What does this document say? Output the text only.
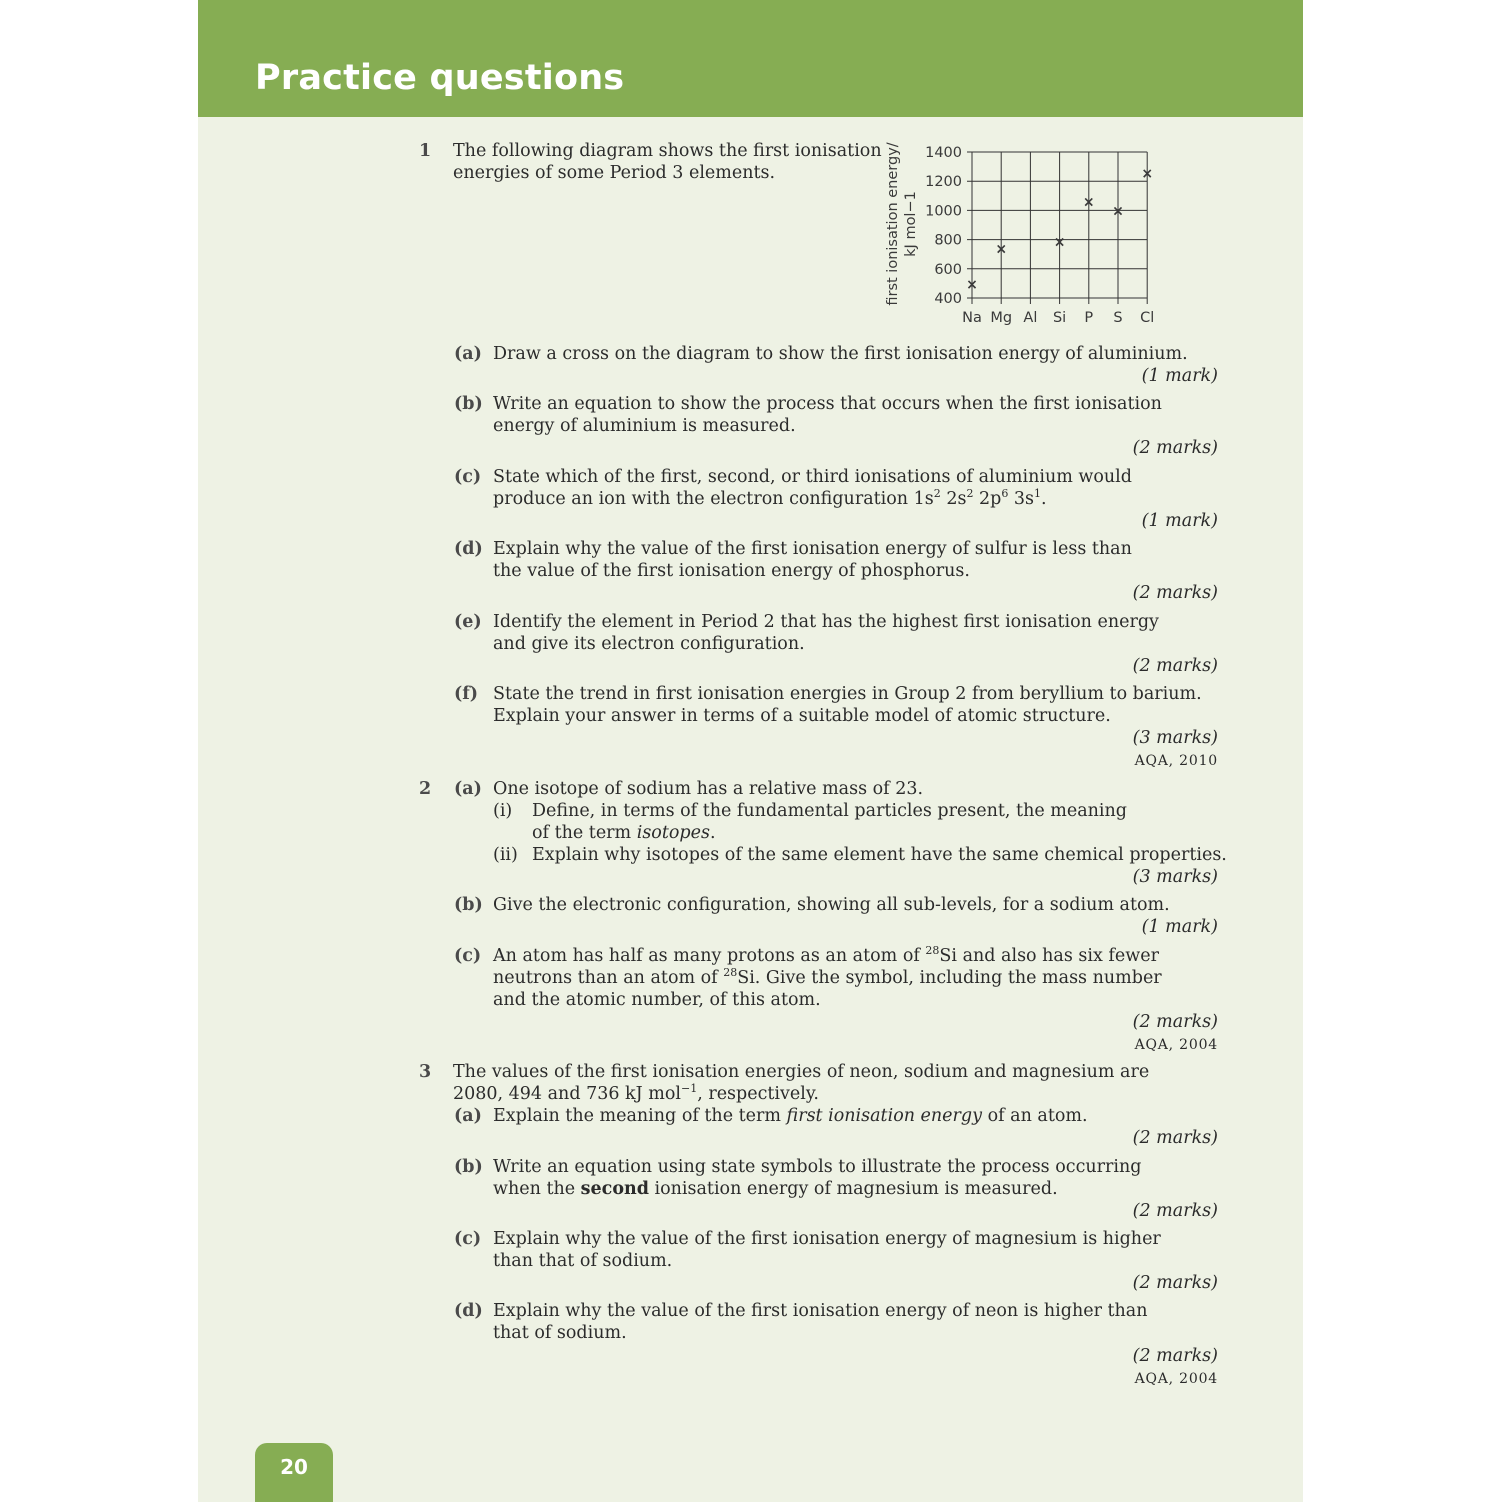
Practice questions
1 The following diagram shows the first ionisation
energies of some Period 3 elements.
(a) Draw a cross on the diagram to show the first ionisation energy of aluminium.
(1 mark)
(b) Write an equation to show the process that occurs when the first ionisation
energy of aluminium is measured.
(2 marks)
(c) State which of the first, second, or third ionisations of aluminium would
produce an ion with the electron configuration $1s^2$ $2s^2$ $2p^6$ $3s^1$.
(1 mark)
(d) Explain why the value of the first ionisation energy of sulfur is less than
the value of the first ionisation energy of phosphorus.
(2 marks)
(e) Identify the element in Period 2 that has the highest first ionisation energy
and give its electron configuration.
(2 marks)
(f) State the trend in first ionisation energies in Group 2 from beryllium to barium.
Explain your answer in terms of a suitable model of atomic structure.
(3 marks)
AQA, 2010
2 (a) One isotope of sodium has a relative mass of 23.
(i) Define, in terms of the fundamental particles present, the meaning
of the term isotopes.
(ii) Explain why isotopes of the same element have the same chemical properties.
(3 marks)
(b) Give the electronic configuration, showing all sub-levels, for a sodium atom.
(1 mark)
(c) An atom has half as many protons as an atom of $^{28}$Si and also has six fewer
neutrons than an atom of $^{28}$Si. Give the symbol, including the mass number
and the atomic number, of this atom.
(2 marks)
AQA, 2004
3 The values of the first ionisation energies of neon, sodium and magnesium are
2080, 494 and 736 kJ mol$^{-1}$, respectively.
(a) Explain the meaning of the term first ionisation energy of an atom.
(2 marks)
(b) Write an equation using state symbols to illustrate the process occurring
when the second ionisation energy of magnesium is measured.
(2 marks)
(c) Explain why the value of the first ionisation energy of magnesium is higher
than that of sodium.
(2 marks)
(d) Explain why the value of the first ionisation energy of neon is higher than
that of sodium.
(2 marks)
AQA, 2004
20
400
600
800
1000
1200
1400
Na Mg Al Si P S Cl
×
×	×
×
×
×
first ionisation energy/ kJ mol−1
